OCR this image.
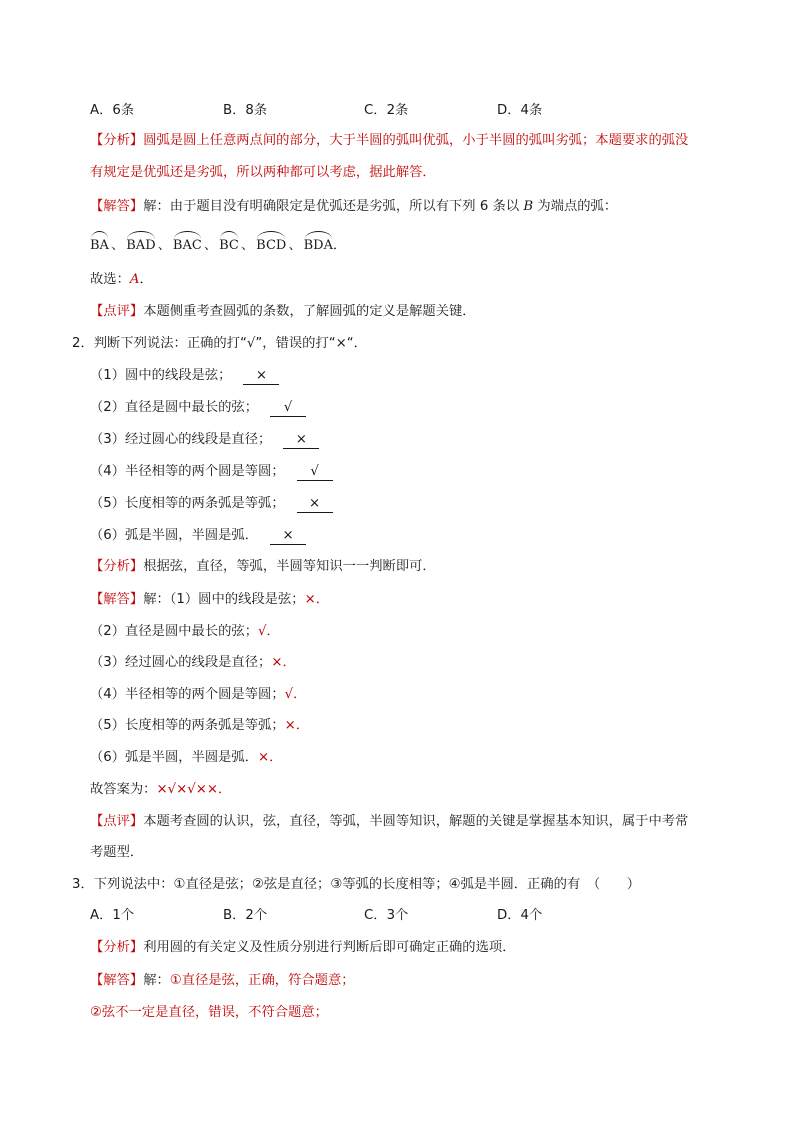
A．6条	B．8条	C．2条	D．4条
【分析】圆弧是圆上任意两点间的部分，大于半圆的弧叫优弧，小于半圆的弧叫劣弧；本题要求的弧没
有规定是优弧还是劣弧，所以两种都可以考虑，据此解答．
【解答】解：由于题目没有明确限定是优弧还是劣弧，所以有下列 6 条以 B 为端点的弧：
BA 、 BAD 、 BAC 、 BC 、 BCD 、 BDA．
故选：A．
【点评】本题侧重考查圆弧的条数，了解圆弧的定义是解题关键．
2．判断下列说法：正确的打“√”，错误的打“×“．
（1）圆中的线段是弦； ×
（2）直径是圆中最长的弦； √
（3）经过圆心的线段是直径； ×
（4）半径相等的两个圆是等圆； √
（5）长度相等的两条弧是等弧； ×
（6）弧是半圆，半圆是弧． ×
【分析】根据弦，直径，等弧，半圆等知识一一判断即可．
【解答】解：（1）圆中的线段是弦；×．
（2）直径是圆中最长的弦；√．
（3）经过圆心的线段是直径；×．
（4）半径相等的两个圆是等圆；√．
（5）长度相等的两条弧是等弧；×．
（6）弧是半圆，半圆是弧．×．
故答案为：×√×√××．
【点评】本题考查圆的认识，弦，直径，等弧，半圆等知识，解题的关键是掌握基本知识，属于中考常
考题型．
3．下列说法中：①直径是弦；②弦是直径；③等弧的长度相等；④弧是半圆．正确的有　（　　）
A．1个	B．2个	C．3个	D．4个
【分析】利用圆的有关定义及性质分别进行判断后即可确定正确的选项．
【解答】解：①直径是弦，正确，符合题意；
②弦不一定是直径，错误，不符合题意；
